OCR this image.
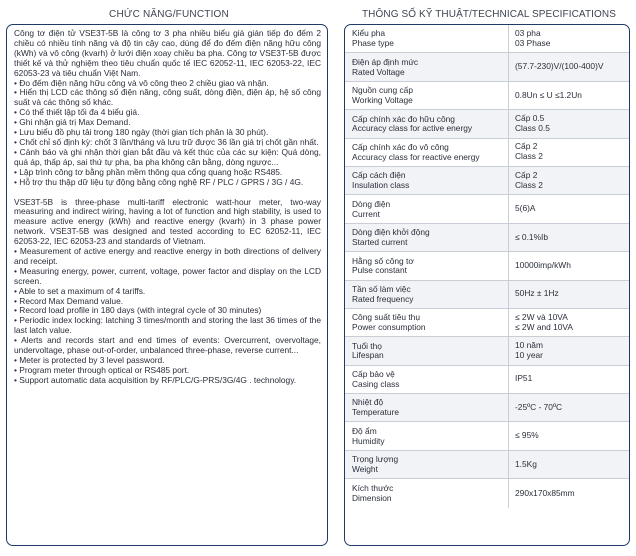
CHỨC NĂNG/FUNCTION
Công tơ điện tử VSE3T-5B là công tơ 3 pha nhiều biểu giá gián tiếp đo đếm 2 chiều có nhiều tính năng và độ tin cậy cao, dùng để đo đếm điện năng hữu công (kWh) và vô công (kvarh) ở lưới điện xoay chiều ba pha. Công tơ VSE3T-5B được thiết kế và thử nghiệm theo tiêu chuẩn quốc tế IEC 62052-11, IEC 62053-22, IEC 62053-23 và tiêu chuẩn Việt Nam.
• Đo đếm điện năng hữu công và vô công theo 2 chiều giao và nhận.
• Hiển thị LCD các thông số điện năng, công suất, dòng điện, điện áp, hệ số công suất và các thông số khác.
• Có thể thiết lập tối đa 4 biểu giá.
• Ghi nhận giá trị Max Demand.
• Lưu biểu đồ phụ tải trong 180 ngày (thời gian tích phân là 30 phút).
• Chốt chỉ số định kỳ: chốt 3 lần/tháng và lưu trữ được 36 lần giá trị chốt gần nhất.
• Cảnh báo và ghi nhận thời gian bắt đầu và kết thúc của các sự kiện: Quá dòng, quá áp, thấp áp, sai thứ tự pha, ba pha không cân bằng, dòng ngược...
• Lập trình công tơ bằng phần mềm thông qua cổng quang hoặc RS485.
• Hỗ trợ thu thập dữ liệu tự động bằng công nghệ RF / PLC / GPRS / 3G / 4G.
VSE3T-5B is three-phase multi-tariff electronic watt-hour meter, two-way measuring and indirect wiring, having a lot of function and high stability, is used to measure active energy (kWh) and reactive energy (kvarh) in 3 phase power network. VSE3T-5B was designed and tested according to EC 62052-11, IEC 62053-22, IEC 62053-23 and standards of Vietnam.
• Measurement of active energy and reactive energy in both directions of delivery and receipt.
• Measuring energy, power, current, voltage, power factor and display on the LCD screen.
• Able to set a maximum of 4 tariffs.
• Record Max Demand value.
• Record load profile in 180 days (with integral cycle of 30 minutes)
• Periodic index locking: latching 3 times/month and storing the last 36 times of the last latch value.
• Alerts and records start and end times of events: Overcurrent, overvoltage, undervoltage, phase out-of-order, unbalanced three-phase, reverse current...
• Meter is protected by 3 level password.
• Program meter through optical or RS485 port.
• Support automatic data acquisition by RF/PLC/G-PRS/3G/4G . technology.
THÔNG SỐ KỸ THUẬT/TECHNICAL SPECIFICATIONS
Kiểu pha
Phase type
03 pha
03 Phase
Điện áp định mức
Rated Voltage
(57.7-230)V/(100-400)V
Nguồn cung cấp
Working Voltage
0.8Un ≤ U ≤1.2Un
Cấp chính xác đo hữu công
Accuracy class for active energy
Cấp 0.5
Class 0.5
Cấp chính xác đo vô công
Accuracy class for reactive energy
Cấp 2
Class 2
Cấp cách điện
Insulation class
Cấp 2
Class 2
Dòng điện
Current
5(6)A
Dòng điện khởi động
Started current
≤ 0.1%Ib
Hằng số công tơ
Pulse constant
10000imp/kWh
Tần số làm việc
Rated frequency
50Hz ± 1Hz
Công suất tiêu thụ
Power consumption
≤ 2W và 10VA
≤ 2W and 10VA
Tuổi thọ
Lifespan
10 năm
10 year
Cấp bảo vệ
Casing class
IP51
Nhiệt độ
Temperature
-25ºC - 70ºC
Độ ẩm
Humidity
≤ 95%
Trọng lượng
Weight
1.5Kg
Kích thước
Dimension
290x170x85mm
